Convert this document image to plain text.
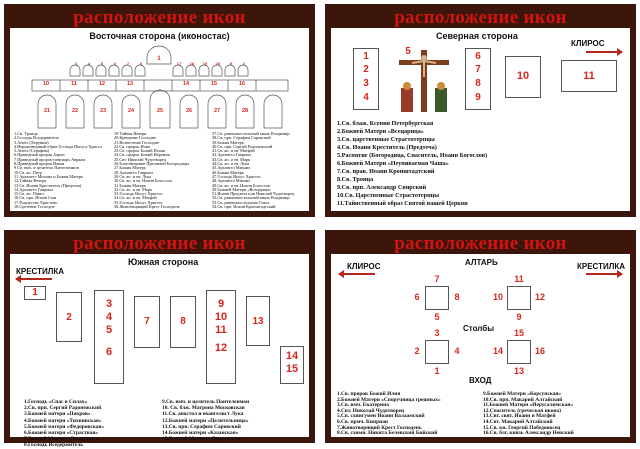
расположение икон
Восточная сторона (иконостас)
1
10	11	12	13	14	15	16
21	22	23	24	25	26	27	28
1.Св. Троица
2.Господь Вседержитель
3.Ангел (Херувим)
4.Нерукотворный образ Господа Иисуса Христа
5.Ангел (Серафим)
6.Праведный пророк Аарон
7.Праведный пророк-патриарх Авраам
8.Праведный пророк Иаков
9.Св. вмч. и целитель Пантелеимон
10.Св. ап. Петр
11.Архангел Михаил и Божия Матерь
12.Тайная Вечеря
13.Св. Иоанн Креститель (Предтеча)
14.Архангел Гавриил
15.Св. ап. Павел
16.Св. прп. Иоанн Сын
17.Рождество Христово
18.Сретение Господне
19.Тайная Вечеря
20.Крещение Господне
21.Вознесение Господне
22.Св. пророк Иона
23.Св. пророк Божий Исаия
24.Св. пророк Божий Иеремия
25.Свт. Николай Чудотворец
26.Благовещение Пресвятой Богородицы
27.Божия Матерь
28.Архангел Гавриил
29.Св. ап. и ев. Лука
30.Св. ап. и ев. Иоанн Богослов
31.Божия Матерь
32.Св. ап. и ев. Марк
33.Господь Иисус Христос
34.Св. ап. и ев. Матфей
35.Господь Иисус Христос
36.Животворящий Крест Господень
37.Св. равноапостольный князь Владимир
38.Св. прп. Серафим Саровский
39.Божия Матерь
40.Св. прп. Сергий Радонежский
41.Св. ап. и ев. Матфей
42.Архангел Гавриил
43.Св. ап. и ев. Марк
44.Св. ап. и ев. Лука
45.Архангел Михаил
46.Божия Матерь
47.Господь Иисус Христос
48.Архангел Михаил
49.Св. ап. и ев. Иоанн Богослов
50.Божией Матери «Всецарица»
51.Иоанн Предтеча или Николай Чудотворец
52.Св. равноапостольный князь Владимир
53.Св. равноапостольная Ольга
54.Св. прп. Иоанн Кронштадтский
3	4	5	6	7	8	17 18 19 20	9	2
расположение икон
Северная сторона
КЛИРОС
1
2
3
4
5	6
7
8
9
10	11
1.Св. блаж. Ксения Петербургская
2.Божией Матери «Всецарица»
3.Св. царственные Страстотерпцы
4.Св. Иоанн Креститель (Предтеча)
5.Распятие (Богородица, Спаситель, Иоанн Богослов)
6.Божией Матери «Неупиваемая Чаша»
7.Св. прав. Иоанн Кронштадтский
8.Св. Троица
9.Св. прп. Александр Свирский
10.Св. Царственные Страстотерпцы
11.Тайнственный образ Святой нашей Церкви
расположение икон
Южная сторона
КРЕСТИЛКА
1
2
3
4
5
6
7	8
9
10
11
12
13
14
15
1.Господь «Спас в Силах»
2.Св. прп. Сергий Радонежский
3.Божией матери «Покров»
4.Божией матери «Тихвинская»
5.Божией матери «Федоровская»
6.Божией матери «Страстная»
7.Божией Матери «Всецарица»
8.Господь Вседержитель
9.Св. вмч. и целитель Пантелеимон
10. Св. блж. Матрона Московская
11.Св. апостол и евангелист Лука
12.Божией матери «Целительница»
13.Св. прп. Серафим Саровский
14.Божией матери «Казанская»
15.Божией Матери «Державная»
расположение икон
КЛИРОС	АЛТАРЬ	КРЕСТИЛКА
7
6	8
5
11
10	12
9
Столбы
3
2	4
1
15
14	16
13
ВХОД
1.Св. пророк Божий Илия
2.Божией Матери «Споручница грешных»
3.Св. вмч. Екатерина
4.Свт. Николай Чудотворец
5.Св. схиигумен Иоанн Валаамский
6.Св. прмч. Киприан
7.Животворящий Крест Господень
8.Св. схимн. Никита Белевский Бийский
9.Божией Матери «Корсунская»
10.Св. прп. Макарий Алтайский
11.Божией Матери «Иерусалимская»
12.Спаситель (греческая икона)
13.Свт. свят. Иоанн и Матфей
14.Свт. Макарий Алтайский
15.Св. кн. Георгий Победоносец
16.Св. блг. князь Александр Невский
